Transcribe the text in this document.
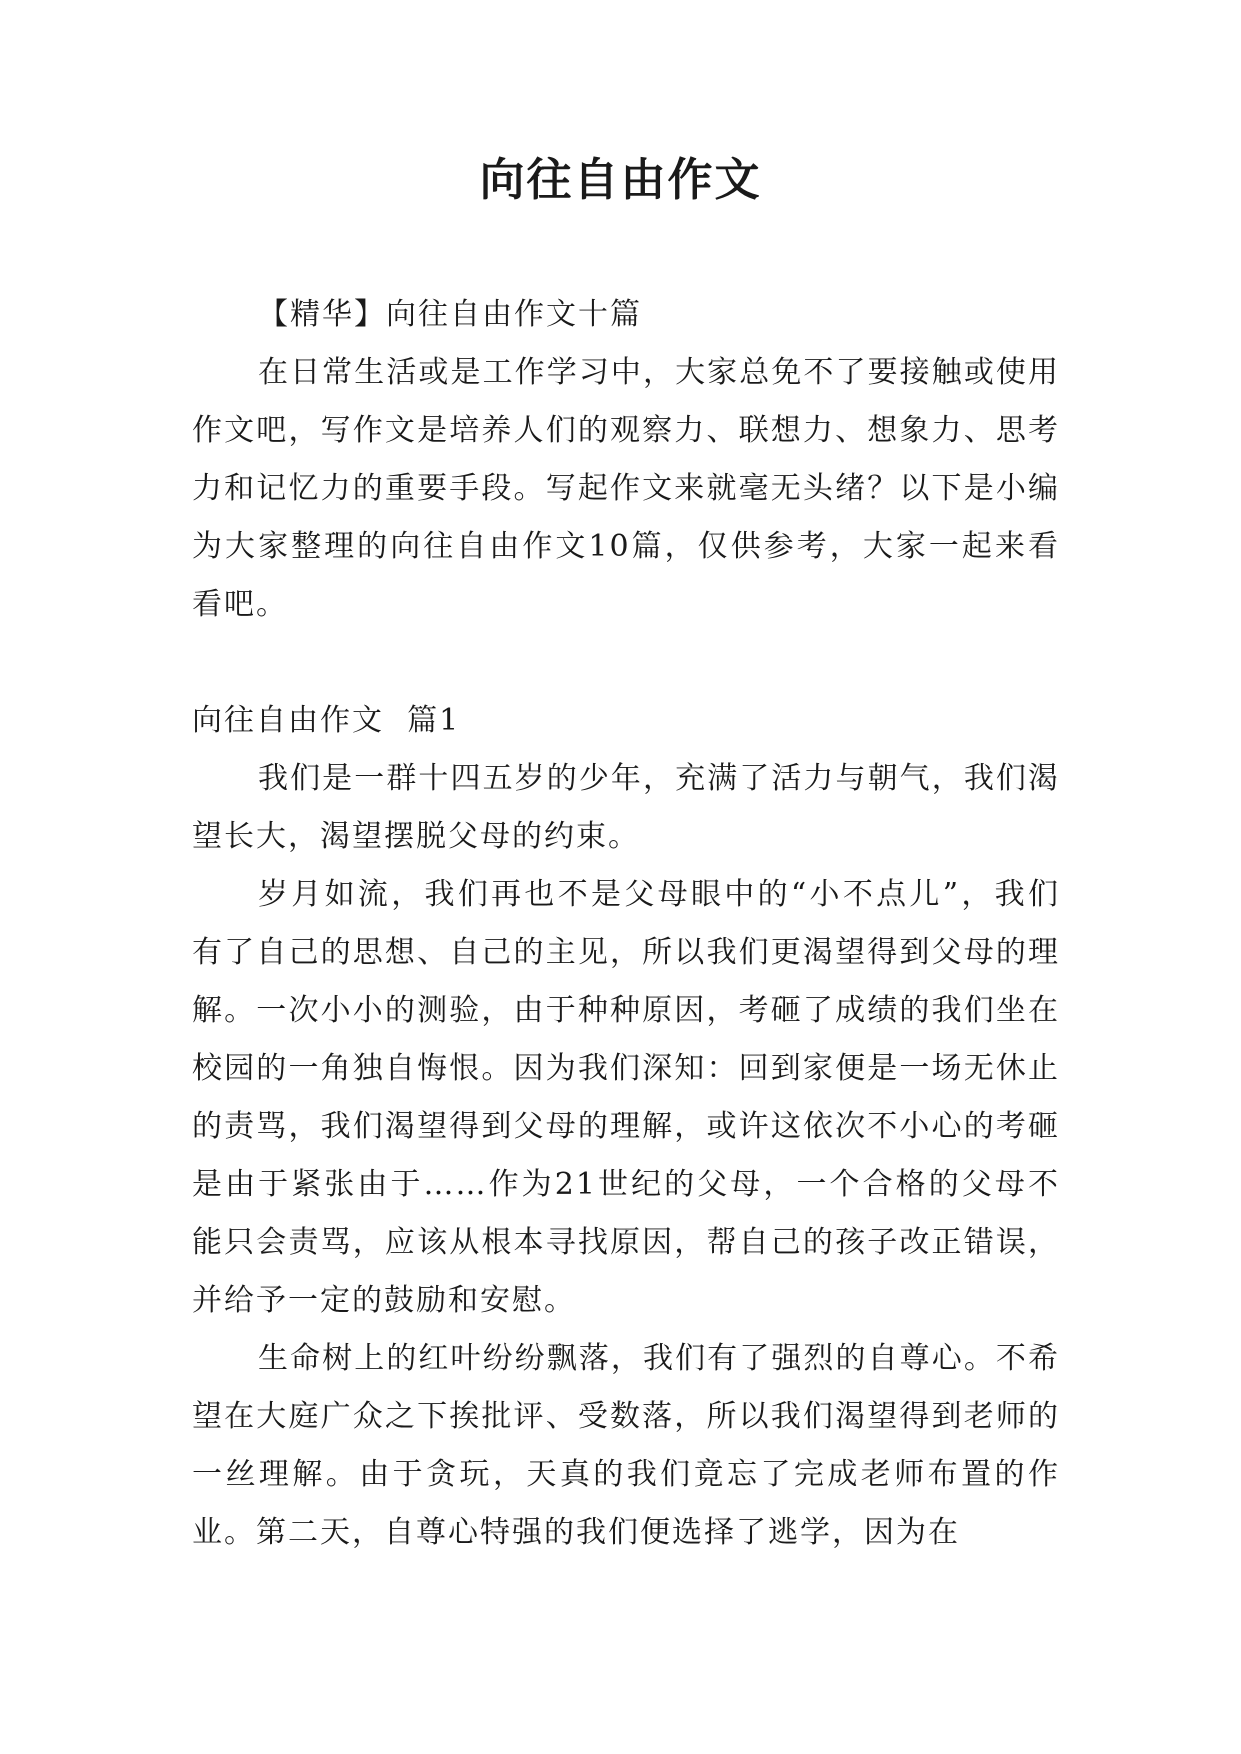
向往自由作文

【精华】向往自由作文十篇

在日常生活或是工作学习中，大家总免不了要接触或使用作文吧，写作文是培养人们的观察力、联想力、想象力、思考力和记忆力的重要手段。写起作文来就毫无头绪？以下是小编为大家整理的向往自由作文10篇，仅供参考，大家一起来看看吧。

向往自由作文  篇1

我们是一群十四五岁的少年，充满了活力与朝气，我们渴望长大，渴望摆脱父母的约束。

岁月如流，我们再也不是父母眼中的“小不点儿”，我们有了自己的思想、自己的主见，所以我们更渴望得到父母的理解。一次小小的测验，由于种种原因，考砸了成绩的我们坐在校园的一角独自悔恨。因为我们深知：回到家便是一场无休止的责骂，我们渴望得到父母的理解，或许这依次不小心的考砸是由于紧张由于……作为21世纪的父母，一个合格的父母不能只会责骂，应该从根本寻找原因，帮自己的孩子改正错误，并给予一定的鼓励和安慰。

生命树上的红叶纷纷飘落，我们有了强烈的自尊心。不希望在大庭广众之下挨批评、受数落，所以我们渴望得到老师的一丝理解。由于贪玩，天真的我们竟忘了完成老师布置的作业。第二天，自尊心特强的我们便选择了逃学，因为在
